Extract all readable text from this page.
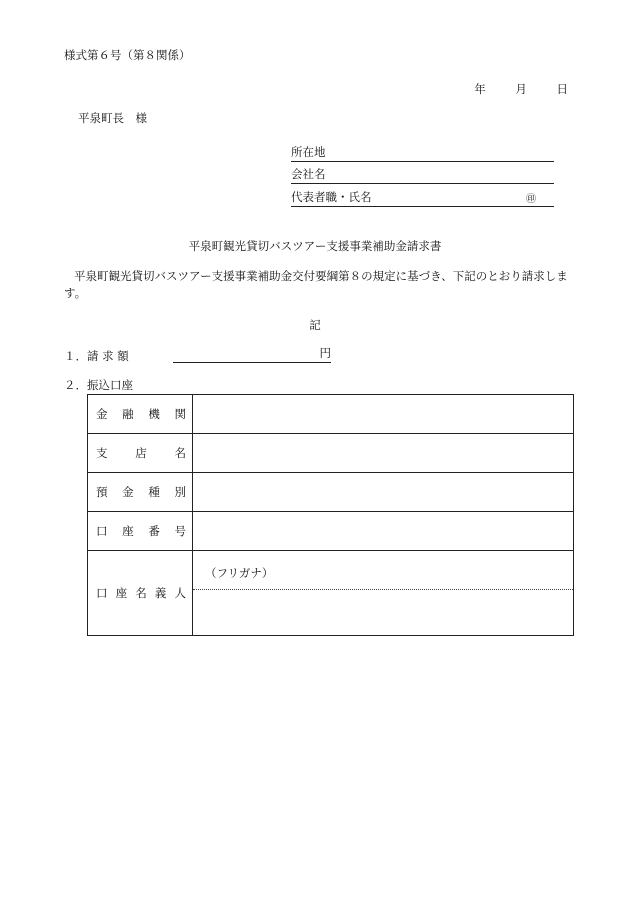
様式第６号（第８関係）
年	月	日
平泉町長　様
所在地
会社名
代表者職・氏名	㊞
平泉町観光貸切バスツアー支援事業補助金請求書
平泉町観光貸切バスツアー支援事業補助金交付要綱第８の規定に基づき、下記のとおり請求します。
記
１．請 求 額	円
２．振込口座
金融機関	
支店名	
預金種別	
口座番号	
口座名義人	（フリガナ）
